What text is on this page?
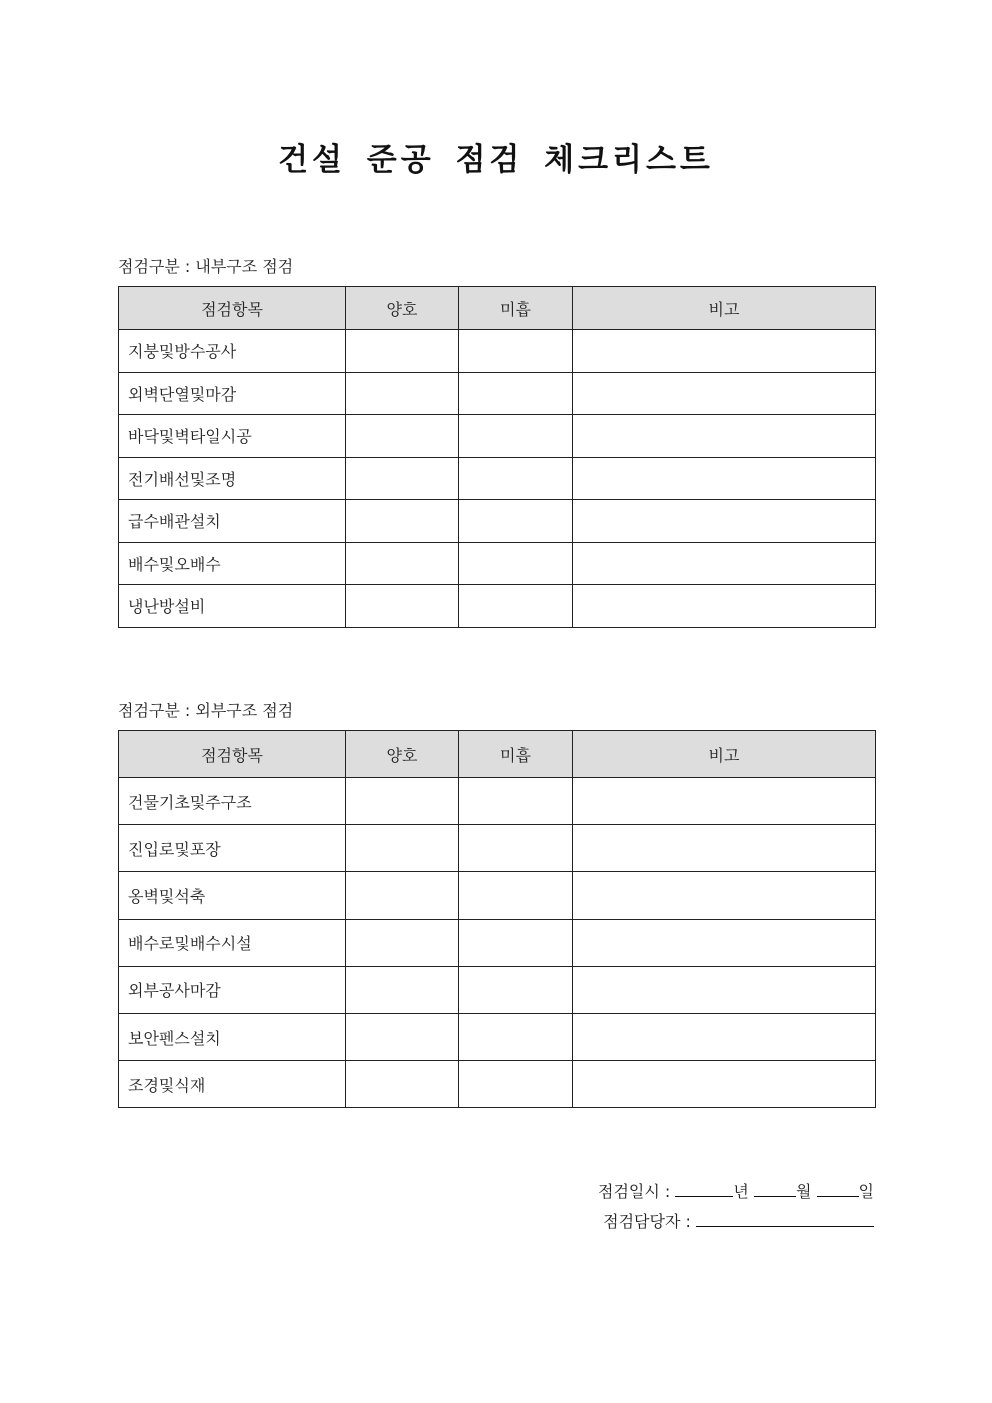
건설 준공 점검 체크리스트
점검구분 : 내부구조 점검
점검항목	양호	미흡	비고
지붕및방수공사			
외벽단열및마감			
바닥및벽타일시공			
전기배선및조명			
급수배관설치			
배수및오배수			
냉난방설비			
점검구분 : 외부구조 점검
점검항목	양호	미흡	비고
건물기초및주구조			
진입로및포장			
옹벽및석축			
배수로및배수시설			
외부공사마감			
보안펜스설치			
조경및식재			
점검일시 :	년	월	일
점검담당자 :
